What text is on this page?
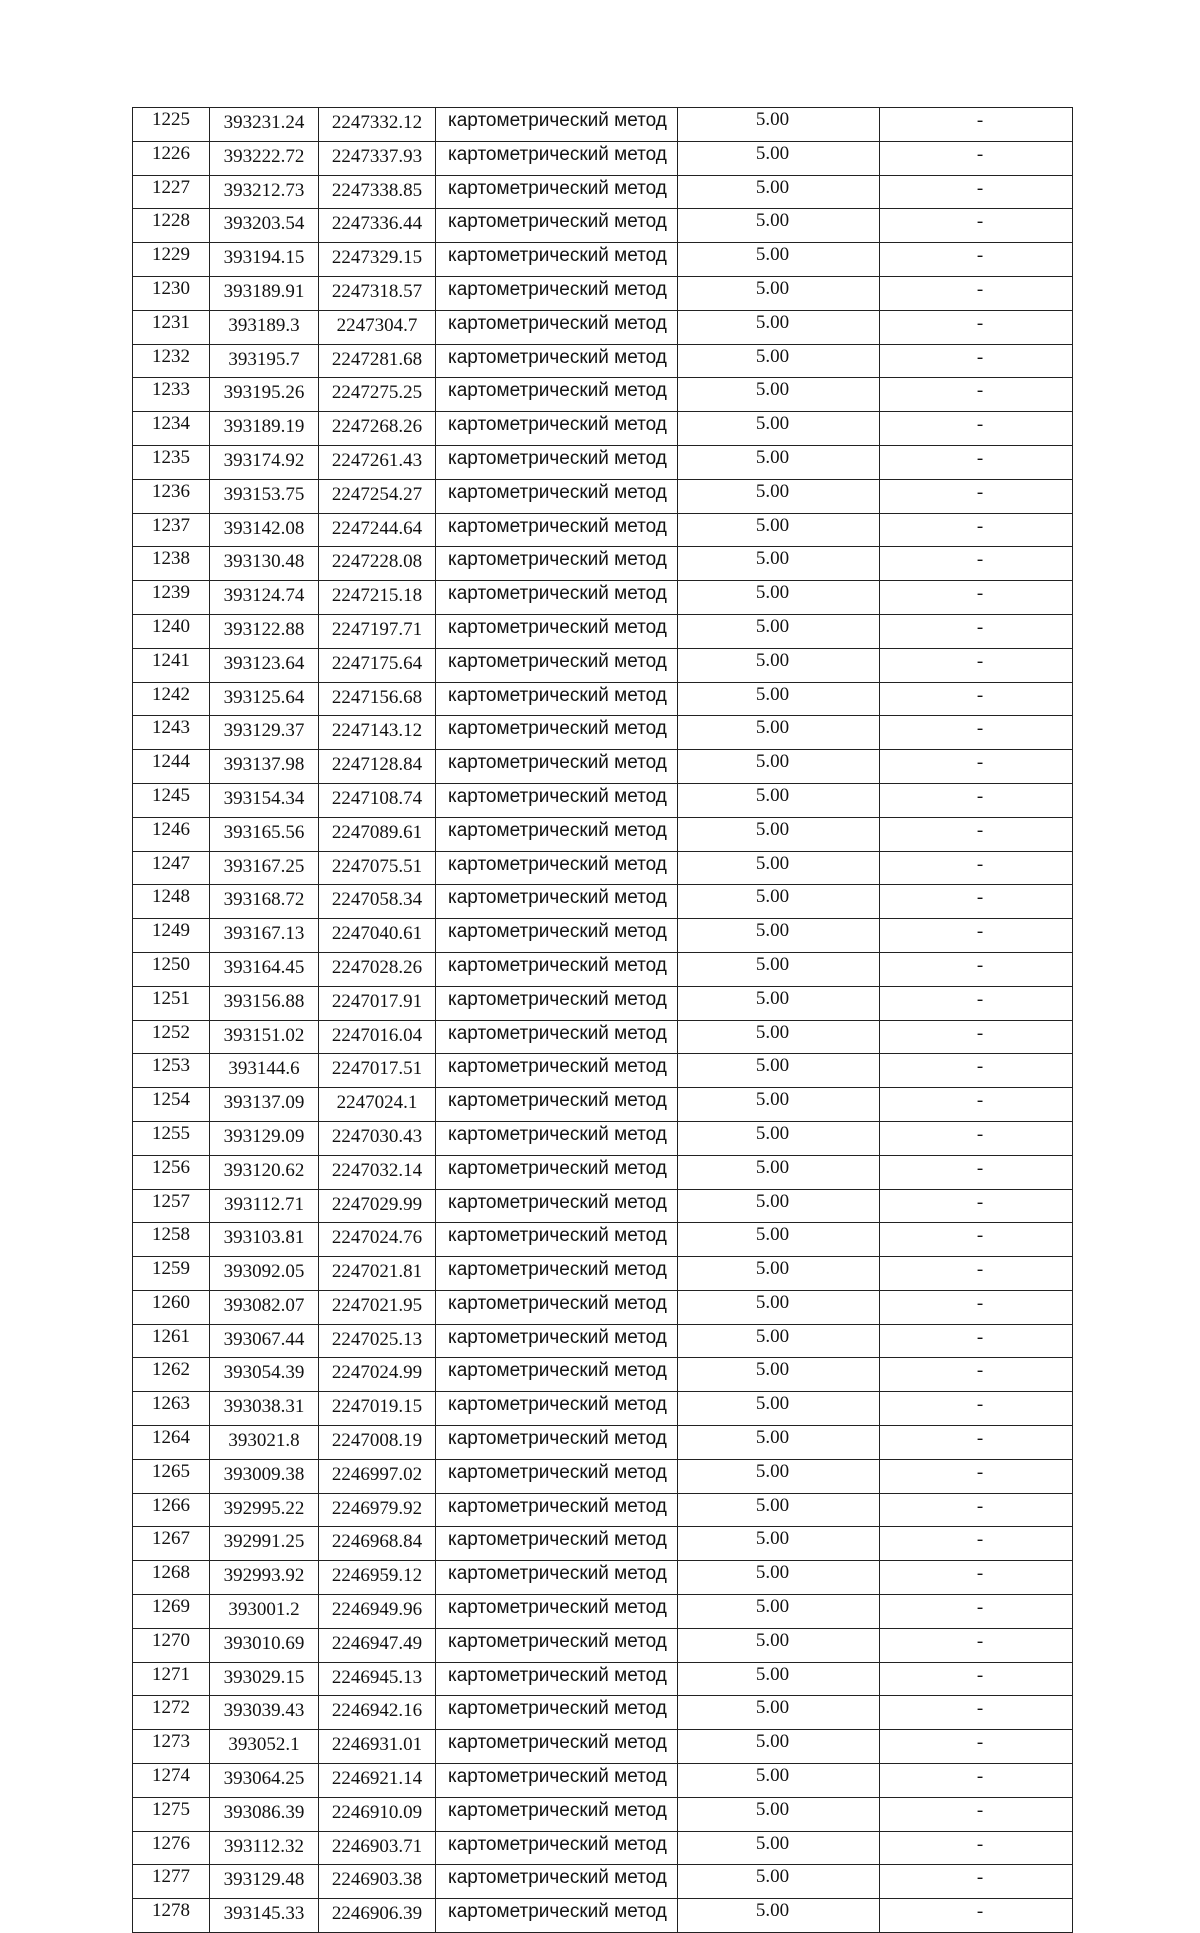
1225	393231.24	2247332.12	картометрический метод	5.00	-
1226	393222.72	2247337.93	картометрический метод	5.00	-
1227	393212.73	2247338.85	картометрический метод	5.00	-
1228	393203.54	2247336.44	картометрический метод	5.00	-
1229	393194.15	2247329.15	картометрический метод	5.00	-
1230	393189.91	2247318.57	картометрический метод	5.00	-
1231	393189.3	2247304.7	картометрический метод	5.00	-
1232	393195.7	2247281.68	картометрический метод	5.00	-
1233	393195.26	2247275.25	картометрический метод	5.00	-
1234	393189.19	2247268.26	картометрический метод	5.00	-
1235	393174.92	2247261.43	картометрический метод	5.00	-
1236	393153.75	2247254.27	картометрический метод	5.00	-
1237	393142.08	2247244.64	картометрический метод	5.00	-
1238	393130.48	2247228.08	картометрический метод	5.00	-
1239	393124.74	2247215.18	картометрический метод	5.00	-
1240	393122.88	2247197.71	картометрический метод	5.00	-
1241	393123.64	2247175.64	картометрический метод	5.00	-
1242	393125.64	2247156.68	картометрический метод	5.00	-
1243	393129.37	2247143.12	картометрический метод	5.00	-
1244	393137.98	2247128.84	картометрический метод	5.00	-
1245	393154.34	2247108.74	картометрический метод	5.00	-
1246	393165.56	2247089.61	картометрический метод	5.00	-
1247	393167.25	2247075.51	картометрический метод	5.00	-
1248	393168.72	2247058.34	картометрический метод	5.00	-
1249	393167.13	2247040.61	картометрический метод	5.00	-
1250	393164.45	2247028.26	картометрический метод	5.00	-
1251	393156.88	2247017.91	картометрический метод	5.00	-
1252	393151.02	2247016.04	картометрический метод	5.00	-
1253	393144.6	2247017.51	картометрический метод	5.00	-
1254	393137.09	2247024.1	картометрический метод	5.00	-
1255	393129.09	2247030.43	картометрический метод	5.00	-
1256	393120.62	2247032.14	картометрический метод	5.00	-
1257	393112.71	2247029.99	картометрический метод	5.00	-
1258	393103.81	2247024.76	картометрический метод	5.00	-
1259	393092.05	2247021.81	картометрический метод	5.00	-
1260	393082.07	2247021.95	картометрический метод	5.00	-
1261	393067.44	2247025.13	картометрический метод	5.00	-
1262	393054.39	2247024.99	картометрический метод	5.00	-
1263	393038.31	2247019.15	картометрический метод	5.00	-
1264	393021.8	2247008.19	картометрический метод	5.00	-
1265	393009.38	2246997.02	картометрический метод	5.00	-
1266	392995.22	2246979.92	картометрический метод	5.00	-
1267	392991.25	2246968.84	картометрический метод	5.00	-
1268	392993.92	2246959.12	картометрический метод	5.00	-
1269	393001.2	2246949.96	картометрический метод	5.00	-
1270	393010.69	2246947.49	картометрический метод	5.00	-
1271	393029.15	2246945.13	картометрический метод	5.00	-
1272	393039.43	2246942.16	картометрический метод	5.00	-
1273	393052.1	2246931.01	картометрический метод	5.00	-
1274	393064.25	2246921.14	картометрический метод	5.00	-
1275	393086.39	2246910.09	картометрический метод	5.00	-
1276	393112.32	2246903.71	картометрический метод	5.00	-
1277	393129.48	2246903.38	картометрический метод	5.00	-
1278	393145.33	2246906.39	картометрический метод	5.00	-
